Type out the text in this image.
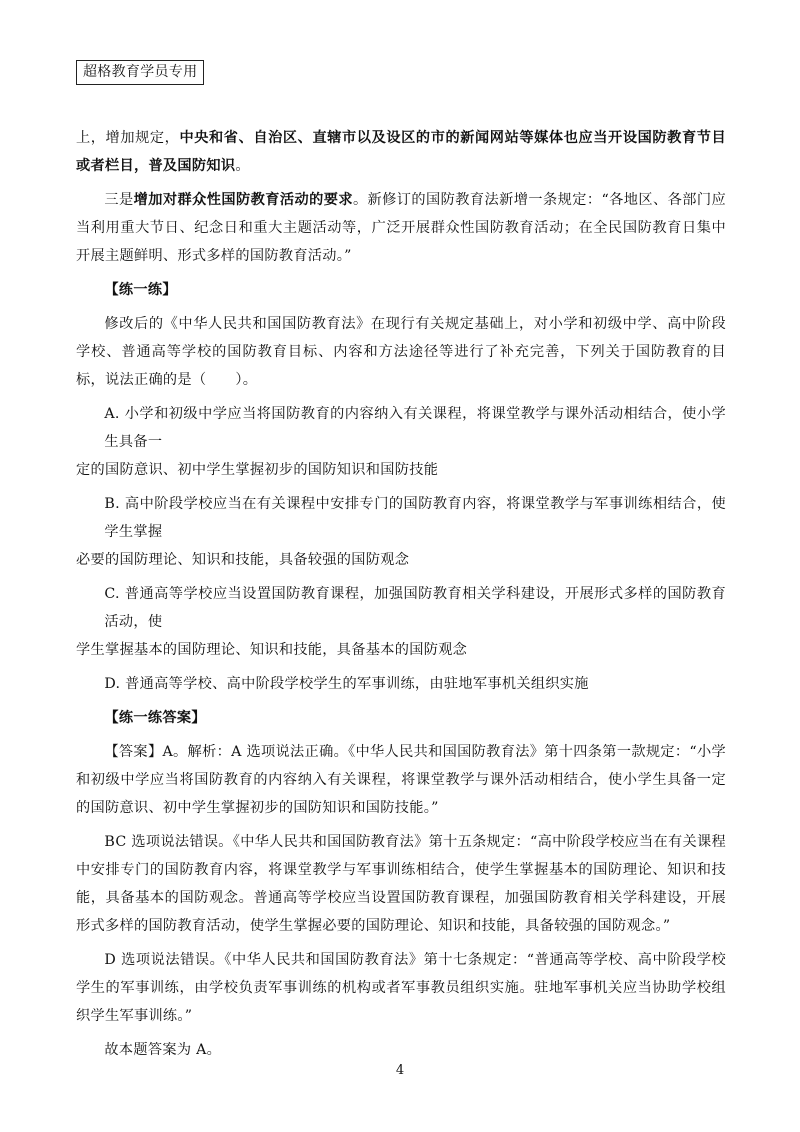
超格教育学员专用

上，增加规定，中央和省、自治区、直辖市以及设区的市的新闻网站等媒体也应当开设国防教育节目或者栏目，普及国防知识。

三是增加对群众性国防教育活动的要求。新修订的国防教育法新增一条规定：“各地区、各部门应当利用重大节日、纪念日和重大主题活动等，广泛开展群众性国防教育活动；在全民国防教育日集中开展主题鲜明、形式多样的国防教育活动。”

【练一练】

修改后的《中华人民共和国国防教育法》在现行有关规定基础上，对小学和初级中学、高中阶段学校、普通高等学校的国防教育目标、内容和方法途径等进行了补充完善，下列关于国防教育的目标，说法正确的是（　　）。

A. 小学和初级中学应当将国防教育的内容纳入有关课程，将课堂教学与课外活动相结合，使小学生具备一
定的国防意识、初中学生掌握初步的国防知识和国防技能

B. 高中阶段学校应当在有关课程中安排专门的国防教育内容，将课堂教学与军事训练相结合，使学生掌握
必要的国防理论、知识和技能，具备较强的国防观念

C. 普通高等学校应当设置国防教育课程，加强国防教育相关学科建设，开展形式多样的国防教育活动，使
学生掌握基本的国防理论、知识和技能，具备基本的国防观念

D. 普通高等学校、高中阶段学校学生的军事训练，由驻地军事机关组织实施

【练一练答案】

【答案】A。解析：A 选项说法正确。《中华人民共和国国防教育法》第十四条第一款规定：“小学和初级中学应当将国防教育的内容纳入有关课程，将课堂教学与课外活动相结合，使小学生具备一定的国防意识、初中学生掌握初步的国防知识和国防技能。”

BC 选项说法错误。《中华人民共和国国防教育法》第十五条规定：“高中阶段学校应当在有关课程中安排专门的国防教育内容，将课堂教学与军事训练相结合，使学生掌握基本的国防理论、知识和技能，具备基本的国防观念。普通高等学校应当设置国防教育课程，加强国防教育相关学科建设，开展形式多样的国防教育活动，使学生掌握必要的国防理论、知识和技能，具备较强的国防观念。”

D 选项说法错误。《中华人民共和国国防教育法》第十七条规定：“普通高等学校、高中阶段学校学生的军事训练，由学校负责军事训练的机构或者军事教员组织实施。驻地军事机关应当协助学校组织学生军事训练。”

故本题答案为 A。

4
